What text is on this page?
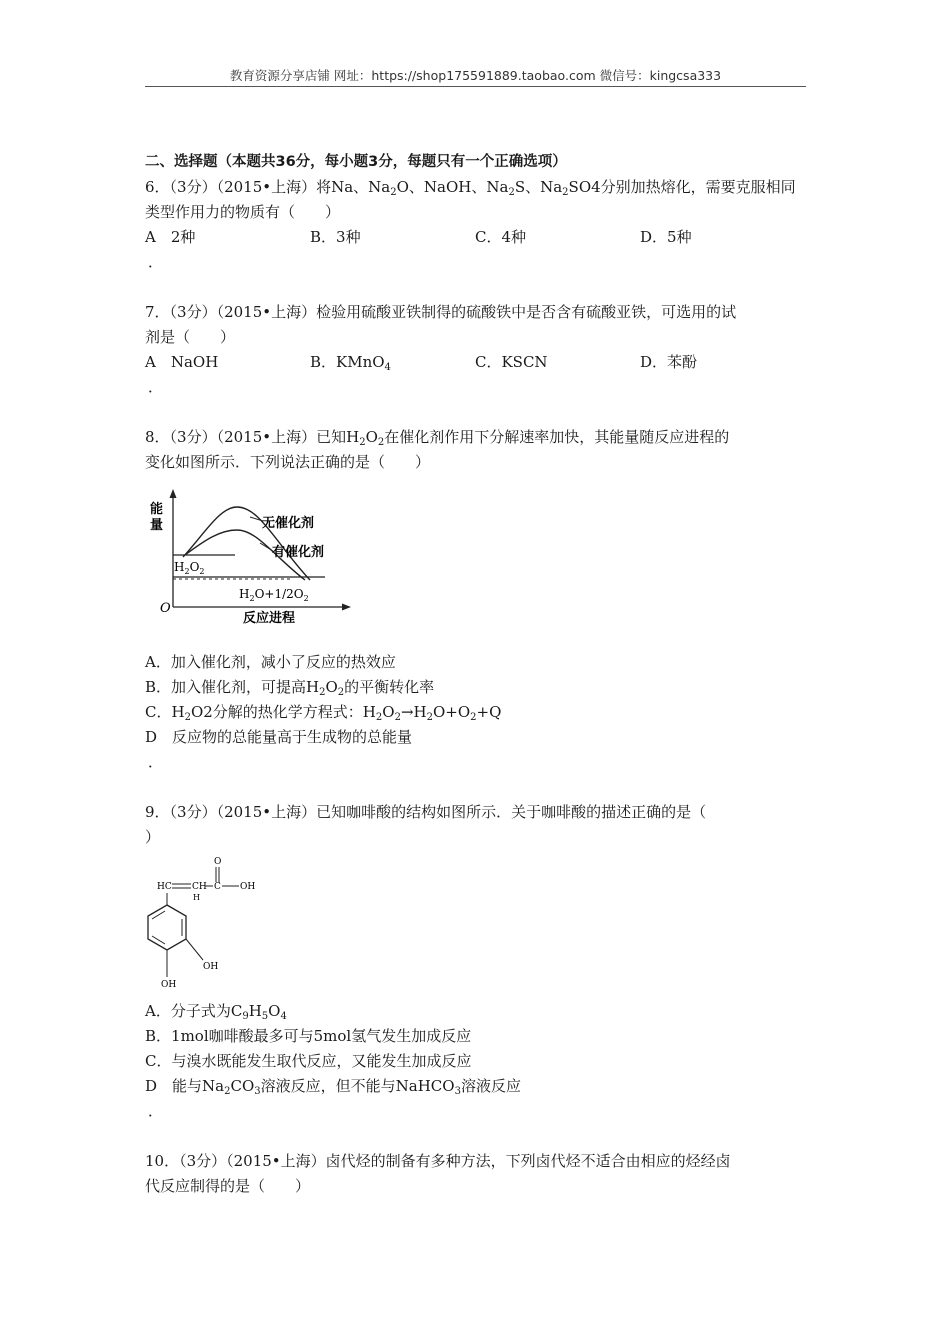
教育资源分享店铺 网址：https://shop175591889.taobao.com 微信号：kingcsa333
二、选择题（本题共36分，每小题3分，每题只有一个正确选项）
6．（3分）（2015•上海）将Na、$Na_2O$、NaOH、$Na_2S$、$Na_2SO4$分别加热熔化，需要克服相同
类型作用力的物质有（　　）
A　2种	B．3种	C．4种	D．5种
．
7．（3分）（2015•上海）检验用硫酸亚铁制得的硫酸铁中是否含有硫酸亚铁，可选用的试
剂是（　　）
A　NaOH	B．KMnO$_4$	C．KSCN	D．苯酚
．
8．（3分）（2015•上海）已知$H_2O_2$在催化剂作用下分解速率加快，其能量随反应进程的
变化如图所示．下列说法正确的是（　　）
能
量
O
反应进程
无催化剂
有催化剂
$H_2O_2$
$H_2O+1/2O_2$
A．加入催化剂，减小了反应的热效应
B．加入催化剂，可提高$H_2O_2$的平衡转化率
C．$H_2O2$分解的热化学方程式：$H_2O_2\to H_2O+O_2+Q$
D　反应物的总能量高于生成物的总能量
．
9．（3分）（2015•上海）已知咖啡酸的结构如图所示．关于咖啡酸的描述正确的是（
）
O
HC CH
H
C OH
OH
OH
A．分子式为$C_9H_5O_4$
B．1mol咖啡酸最多可与5mol氢气发生加成反应
C．与溴水既能发生取代反应，又能发生加成反应
D　能与$Na_2CO_3$溶液反应，但不能与NaHCO$_3$溶液反应
．
10．（3分）（2015•上海）卤代烃的制备有多种方法，下列卤代烃不适合由相应的烃经卤
代反应制得的是（　　）
